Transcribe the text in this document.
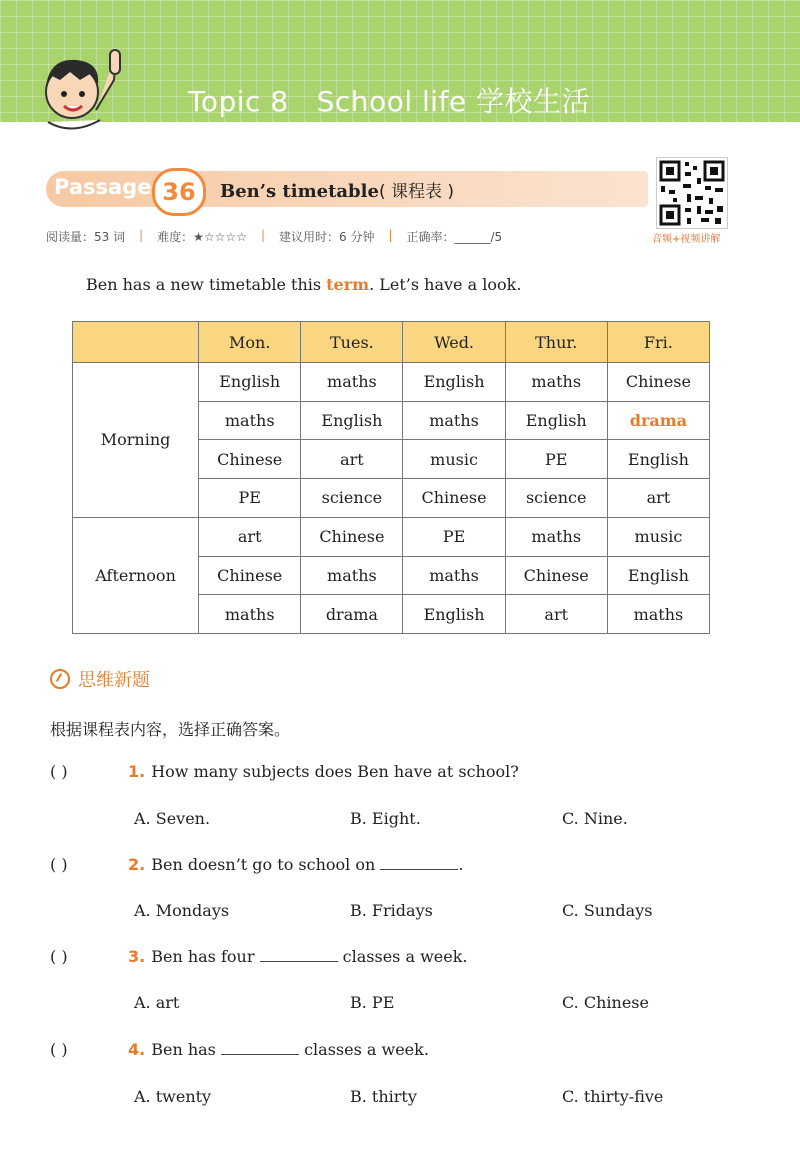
Topic 8 School life 学校生活
Passage 36	Ben’s timetable( 课程表 )
音频+视频讲解
阅读量：53 词 | 难度：★☆☆☆☆ | 建议用时：6 分钟 | 正确率：______/5
Ben has a new timetable this term. Let’s have a look.
	Mon.	Tues.	Wed.	Thur.	Fri.
Morning	English	maths	English	maths	Chinese
	maths	English	maths	English	drama
	Chinese	art	music	PE	English
	PE	science	Chinese	science	art
Afternoon	art	Chinese	PE	maths	music
	Chinese	maths	maths	Chinese	English
	maths	drama	English	art	maths
思维新题
根据课程表内容，选择正确答案。
( )	1. How many subjects does Ben have at school?
A. Seven.	B. Eight.	C. Nine.
( )	2. Ben doesn’t go to school on	.
A. Mondays	B. Fridays	C. Sundays
( )	3. Ben has four	classes a week.
A. art	B. PE	C. Chinese
( )	4. Ben has	classes a week.
A. twenty	B. thirty	C. thirty-five
